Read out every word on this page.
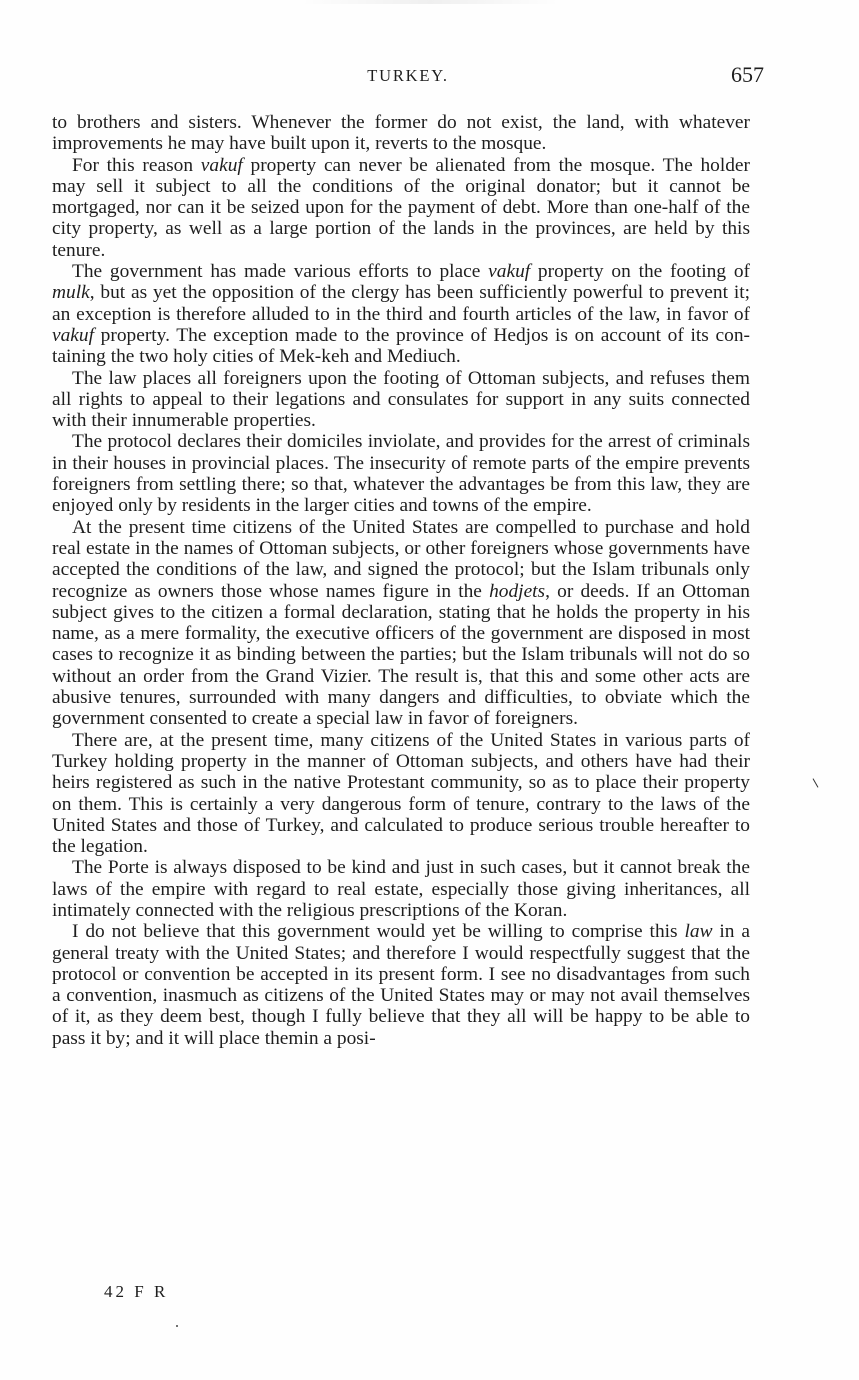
TURKEY.	657

to brothers and sisters. Whenever the former do not exist, the land, with whatever improvements he may have built upon it, reverts to the mosque.

For this reason vakuf property can never be alienated from the mosque. The holder may sell it subject to all the conditions of the original donator; but it cannot be mortgaged, nor can it be seized upon for the payment of debt. More than one-half of the city property, as well as a large portion of the lands in the provinces, are held by this tenure.

The government has made various efforts to place vakuf property on the footing of mulk, but as yet the opposition of the clergy has been sufficiently powerful to prevent it; an exception is therefore alluded to in the third and fourth articles of the law, in favor of vakuf property. The exception made to the province of Hedjos is on account of its containing the two holy cities of Mek-keh and Mediuch.

The law places all foreigners upon the footing of Ottoman subjects, and refuses them all rights to appeal to their legations and consulates for support in any suits connected with their innumerable properties.

The protocol declares their domiciles inviolate, and provides for the arrest of criminals in their houses in provincial places. The insecurity of remote parts of the empire prevents foreigners from settling there; so that, whatever the advantages be from this law, they are enjoyed only by residents in the larger cities and towns of the empire.

At the present time citizens of the United States are compelled to purchase and hold real estate in the names of Ottoman subjects, or other foreigners whose governments have accepted the conditions of the law, and signed the protocol; but the Islam tribunals only recognize as owners those whose names figure in the hodjets, or deeds. If an Ottoman subject gives to the citizen a formal declaration, stating that he holds the property in his name, as a mere formality, the executive officers of the government are disposed in most cases to recognize it as binding between the parties; but the Islam tribunals will not do so without an order from the Grand Vizier. The result is, that this and some other acts are abusive tenures, surrounded with many dangers and difficulties, to obviate which the government consented to create a special law in favor of foreigners.

There are, at the present time, many citizens of the United States in various parts of Turkey holding property in the manner of Ottoman subjects, and others have had their heirs registered as such in the native Protestant community, so as to place their property on them. This is certainly a very dangerous form of tenure, contrary to the laws of the United States and those of Turkey, and calculated to produce serious trouble hereafter to the legation.

The Porte is always disposed to be kind and just in such cases, but it cannot break the laws of the empire with regard to real estate, especially those giving inheritances, all intimately connected with the religious prescriptions of the Koran.

I do not believe that this government would yet be willing to comprise this law in a general treaty with the United States; and therefore I would respectfully suggest that the protocol or convention be accepted in its present form. I see no disadvantages from such a convention, inasmuch as citizens of the United States may or may not avail themselves of it, as they deem best, though I fully believe that they all will be happy to be able to pass it by; and it will place themin a posi-

42 F R
